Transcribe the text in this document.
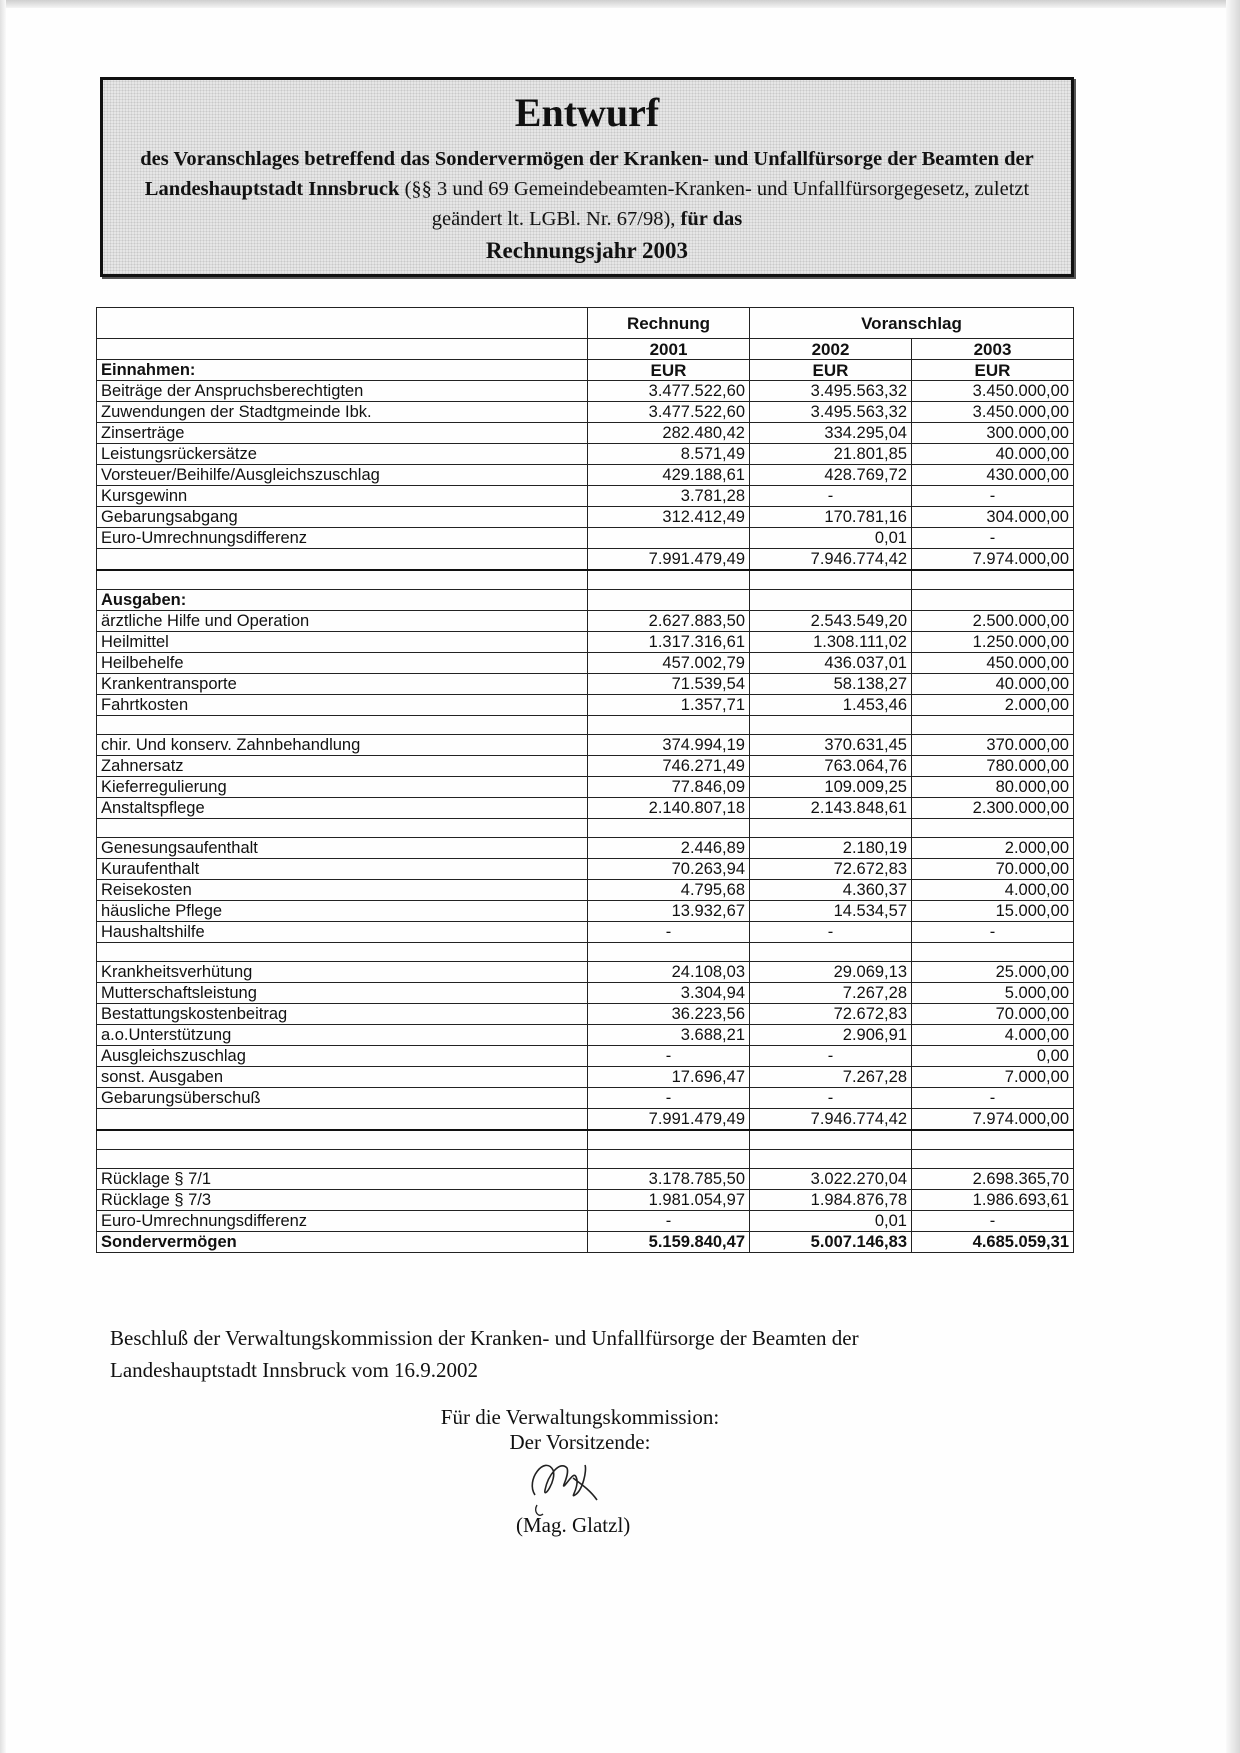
Entwurf
des Voranschlages betreffend das Sondervermögen der Kranken- und Unfallfürsorge der Beamten der Landeshauptstadt Innsbruck (§§ 3 und 69 Gemeindebeamten-Kranken- und Unfallfürsorgegesetz, zuletzt geändert lt. LGBl. Nr. 67/98), für das
Rechnungsjahr 2003
	Rechnung	Voranschlag	
	2001	2002	2003
Einnahmen:	EUR	EUR	EUR
Beiträge der Anspruchsberechtigten	3.477.522,60	3.495.563,32	3.450.000,00
Zuwendungen der Stadtgmeinde Ibk.	3.477.522,60	3.495.563,32	3.450.000,00
Zinserträge	282.480,42	334.295,04	300.000,00
Leistungsrückersätze	8.571,49	21.801,85	40.000,00
Vorsteuer/Beihilfe/Ausgleichszuschlag	429.188,61	428.769,72	430.000,00
Kursgewinn	3.781,28	-	-
Gebarungsabgang	312.412,49	170.781,16	304.000,00
Euro-Umrechnungsdifferenz		0,01	-
	7.991.479,49	7.946.774,42	7.974.000,00

Ausgaben:			
ärztliche Hilfe und Operation	2.627.883,50	2.543.549,20	2.500.000,00
Heilmittel	1.317.316,61	1.308.111,02	1.250.000,00
Heilbehelfe	457.002,79	436.037,01	450.000,00
Krankentransporte	71.539,54	58.138,27	40.000,00
Fahrtkosten	1.357,71	1.453,46	2.000,00

chir. Und konserv. Zahnbehandlung	374.994,19	370.631,45	370.000,00
Zahnersatz	746.271,49	763.064,76	780.000,00
Kieferregulierung	77.846,09	109.009,25	80.000,00
Anstaltspflege	2.140.807,18	2.143.848,61	2.300.000,00

Genesungsaufenthalt	2.446,89	2.180,19	2.000,00
Kuraufenthalt	70.263,94	72.672,83	70.000,00
Reisekosten	4.795,68	4.360,37	4.000,00
häusliche Pflege	13.932,67	14.534,57	15.000,00
Haushaltshilfe	-	-	-

Krankheitsverhütung	24.108,03	29.069,13	25.000,00
Mutterschaftsleistung	3.304,94	7.267,28	5.000,00
Bestattungskostenbeitrag	36.223,56	72.672,83	70.000,00
a.o.Unterstützung	3.688,21	2.906,91	4.000,00
Ausgleichszuschlag	-	-	0,00
sonst. Ausgaben	17.696,47	7.267,28	7.000,00
Gebarungsüberschuß	-	-	-
	7.991.479,49	7.946.774,42	7.974.000,00

Rücklage § 7/1	3.178.785,50	3.022.270,04	2.698.365,70
Rücklage § 7/3	1.981.054,97	1.984.876,78	1.986.693,61
Euro-Umrechnungsdifferenz	-	0,01	-
Sondervermögen	5.159.840,47	5.007.146,83	4.685.059,31
Beschluß der Verwaltungskommission der Kranken- und Unfallfürsorge der Beamten der Landeshauptstadt Innsbruck vom 16.9.2002
Für die Verwaltungskommission:
Der Vorsitzende:
(Mag. Glatzl)
